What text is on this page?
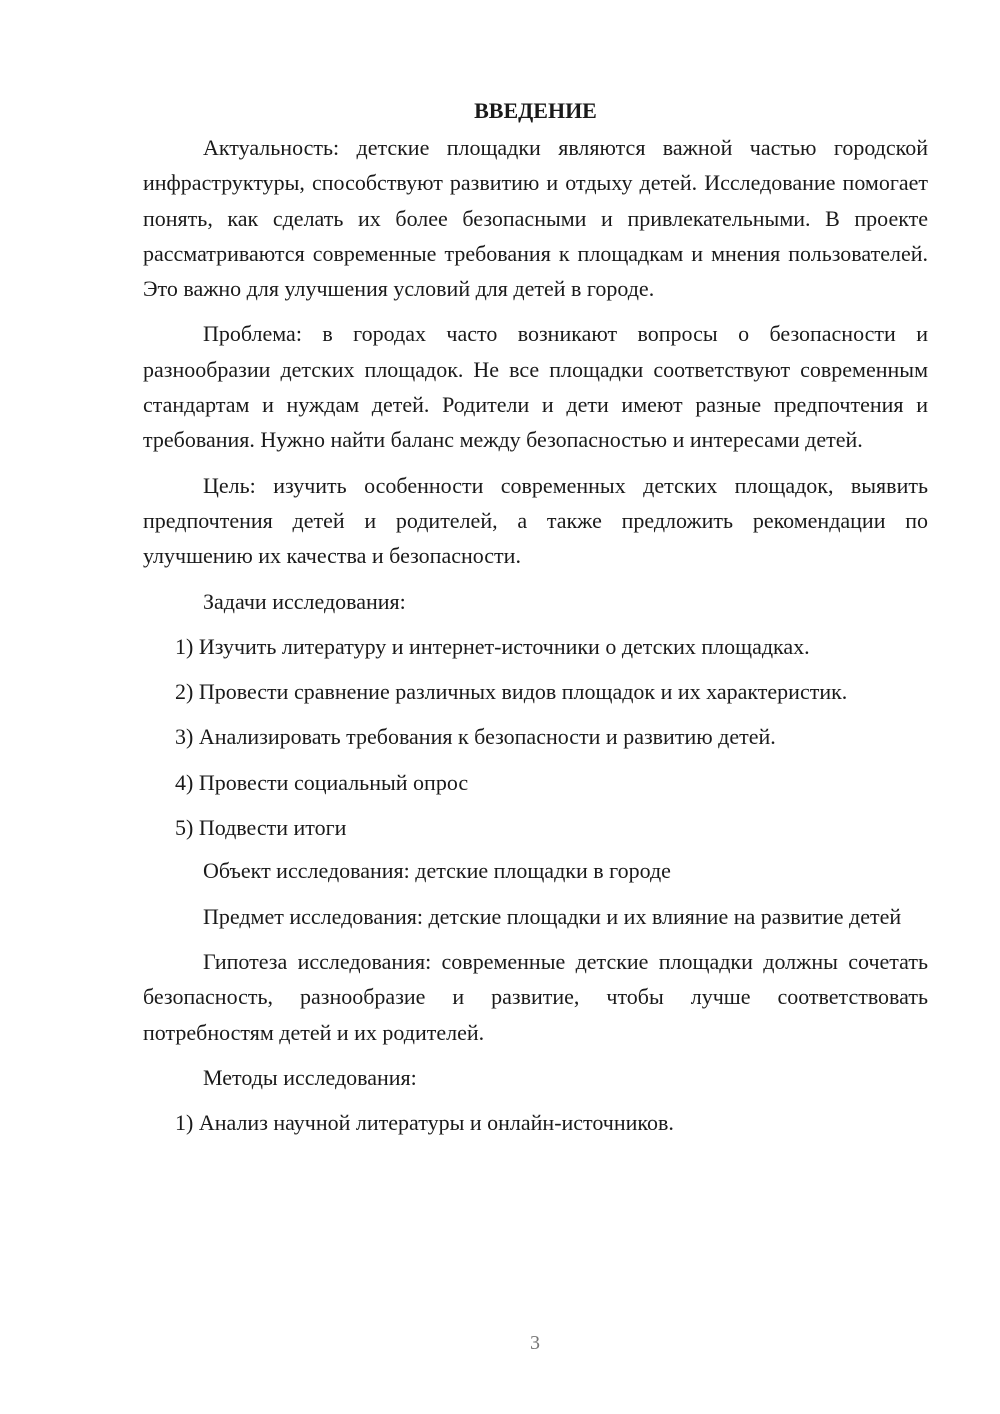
ВВЕДЕНИЕ

Актуальность: детские площадки являются важной частью городской инфраструктуры, способствуют развитию и отдыху детей. Исследование помогает понять, как сделать их более безопасными и привлекательными. В проекте рассматриваются современные требования к площадкам и мнения пользователей. Это важно для улучшения условий для детей в городе.

Проблема: в городах часто возникают вопросы о безопасности и разнообразии детских площадок. Не все площадки соответствуют современным стандартам и нуждам детей. Родители и дети имеют разные предпочтения и требования. Нужно найти баланс между безопасностью и интересами детей.

Цель: изучить особенности современных детских площадок, выявить предпочтения детей и родителей, а также предложить рекомендации по улучшению их качества и безопасности.

Задачи исследования:

1) Изучить литературу и интернет-источники о детских площадках.

2) Провести сравнение различных видов площадок и их характеристик.

3) Анализировать требования к безопасности и развитию детей.

4) Провести социальный опрос

5) Подвести итоги

Объект исследования: детские площадки в городе

Предмет исследования: детские площадки и их влияние на развитие детей

Гипотеза исследования: современные детские площадки должны сочетать безопасность, разнообразие и развитие, чтобы лучше соответствовать потребностям детей и их родителей.

Методы исследования:

1) Анализ научной литературы и онлайн-источников.

3
